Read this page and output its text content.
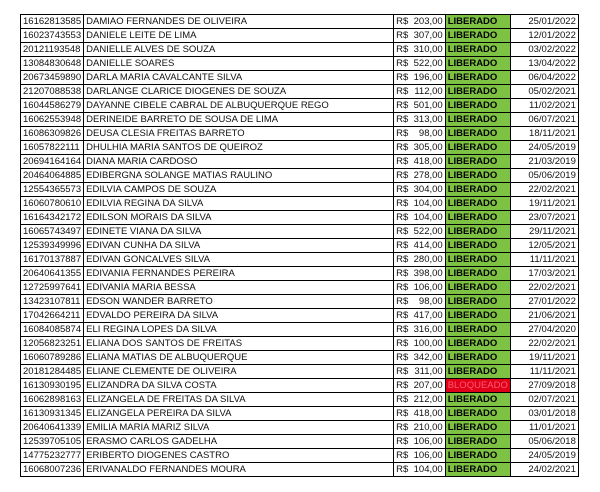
16162813585	DAMIAO FERNANDES DE OLIVEIRA	R$	203,00	LIBERADO	25/01/2022
16023743553	DANIELE LEITE DE LIMA	R$	307,00	LIBERADO	12/01/2022
20121193548	DANIELLE ALVES DE SOUZA	R$	310,00	LIBERADO	03/02/2022
13084830648	DANIELLE SOARES	R$	522,00	LIBERADO	13/04/2022
20673459890	DARLA MARIA CAVALCANTE SILVA	R$	196,00	LIBERADO	06/04/2022
21207088538	DARLANGE CLARICE DIOGENES DE SOUZA	R$	112,00	LIBERADO	05/02/2021
16044586279	DAYANNE CIBELE CABRAL DE ALBUQUERQUE REGO	R$	501,00	LIBERADO	11/02/2021
16062553948	DERINEIDE BARRETO DE SOUSA DE LIMA	R$	313,00	LIBERADO	06/07/2021
16086309826	DEUSA CLESIA FREITAS BARRETO	R$	98,00	LIBERADO	18/11/2021
16057822111	DHULHIA MARIA SANTOS DE QUEIROZ	R$	305,00	LIBERADO	24/05/2019
20694164164	DIANA MARIA CARDOSO	R$	418,00	LIBERADO	21/03/2019
20464064885	EDIBERGNA SOLANGE MATIAS RAULINO	R$	278,00	LIBERADO	05/06/2019
12554365573	EDILVIA CAMPOS DE SOUZA	R$	304,00	LIBERADO	22/02/2021
16060780610	EDILVIA REGINA DA SILVA	R$	104,00	LIBERADO	19/11/2021
16164342172	EDILSON MORAIS DA SILVA	R$	104,00	LIBERADO	23/07/2021
16065743497	EDINETE VIANA DA SILVA	R$	522,00	LIBERADO	29/11/2021
12539349996	EDIVAN CUNHA DA SILVA	R$	414,00	LIBERADO	12/05/2021
16170137887	EDIVAN GONCALVES SILVA	R$	280,00	LIBERADO	11/11/2021
20640641355	EDIVANIA FERNANDES PEREIRA	R$	398,00	LIBERADO	17/03/2021
12725997641	EDIVANIA MARIA BESSA	R$	106,00	LIBERADO	22/02/2021
13423107811	EDSON WANDER BARRETO	R$	98,00	LIBERADO	27/01/2022
17042664211	EDVALDO PEREIRA DA SILVA	R$	417,00	LIBERADO	21/06/2021
16084085874	ELI REGINA LOPES DA SILVA	R$	316,00	LIBERADO	27/04/2020
12056823251	ELIANA DOS SANTOS DE FREITAS	R$	100,00	LIBERADO	22/02/2021
16060789286	ELIANA MATIAS DE ALBUQUERQUE	R$	342,00	LIBERADO	19/11/2021
20181284485	ELIANE CLEMENTE DE OLIVEIRA	R$	311,00	LIBERADO	11/11/2021
16130930195	ELIZANDRA DA SILVA COSTA	R$	207,00	BLOQUEADO	27/09/2018
16062898163	ELIZANGELA DE FREITAS DA SILVA	R$	212,00	LIBERADO	02/07/2021
16130931345	ELIZANGELA PEREIRA DA SILVA	R$	418,00	LIBERADO	03/01/2018
20640641339	EMILIA MARIA MARIZ SILVA	R$	210,00	LIBERADO	11/01/2021
12539705105	ERASMO CARLOS GADELHA	R$	106,00	LIBERADO	05/06/2018
14775232777	ERIBERTO DIOGENES CASTRO	R$	106,00	LIBERADO	24/05/2019
16068007236	ERIVANALDO FERNANDES MOURA	R$	104,00	LIBERADO	24/02/2021
